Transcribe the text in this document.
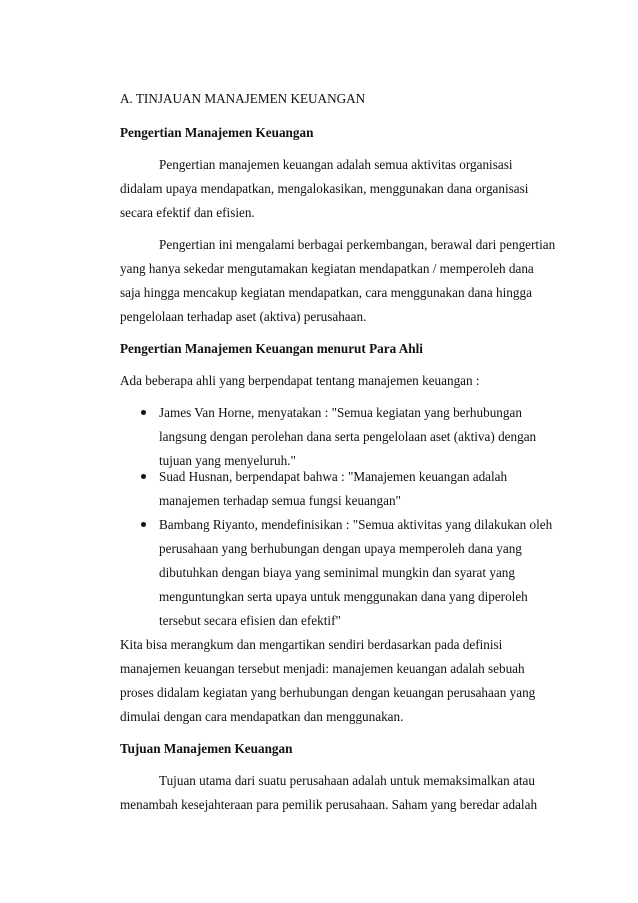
A. TINJAUAN MANAJEMEN KEUANGAN
Pengertian Manajemen Keuangan
Pengertian manajemen keuangan adalah semua aktivitas organisasi
didalam upaya mendapatkan, mengalokasikan, menggunakan dana organisasi
secara efektif dan efisien.
Pengertian ini mengalami berbagai perkembangan, berawal dari pengertian
yang hanya sekedar mengutamakan kegiatan mendapatkan / memperoleh dana
saja hingga mencakup kegiatan mendapatkan, cara menggunakan dana hingga
pengelolaan terhadap aset (aktiva) perusahaan.
Pengertian Manajemen Keuangan menurut Para Ahli
Ada beberapa ahli yang berpendapat tentang manajemen keuangan :
James Van Horne, menyatakan : "Semua kegiatan yang berhubungan
langsung dengan perolehan dana serta pengelolaan aset (aktiva) dengan
tujuan yang menyeluruh."
Suad Husnan, berpendapat bahwa : "Manajemen keuangan adalah
manajemen terhadap semua fungsi keuangan"
Bambang Riyanto, mendefinisikan : "Semua aktivitas yang dilakukan oleh
perusahaan yang berhubungan dengan upaya memperoleh dana yang
dibutuhkan dengan biaya yang seminimal mungkin dan syarat yang
menguntungkan serta upaya untuk menggunakan dana yang diperoleh
tersebut secara efisien dan efektif"
Kita bisa merangkum dan mengartikan sendiri berdasarkan pada definisi
manajemen keuangan tersebut menjadi: manajemen keuangan adalah sebuah
proses didalam kegiatan yang berhubungan dengan keuangan perusahaan yang
dimulai dengan cara mendapatkan dan menggunakan.
Tujuan Manajemen Keuangan
Tujuan utama dari suatu perusahaan adalah untuk memaksimalkan atau
menambah kesejahteraan para pemilik perusahaan. Saham yang beredar adalah
